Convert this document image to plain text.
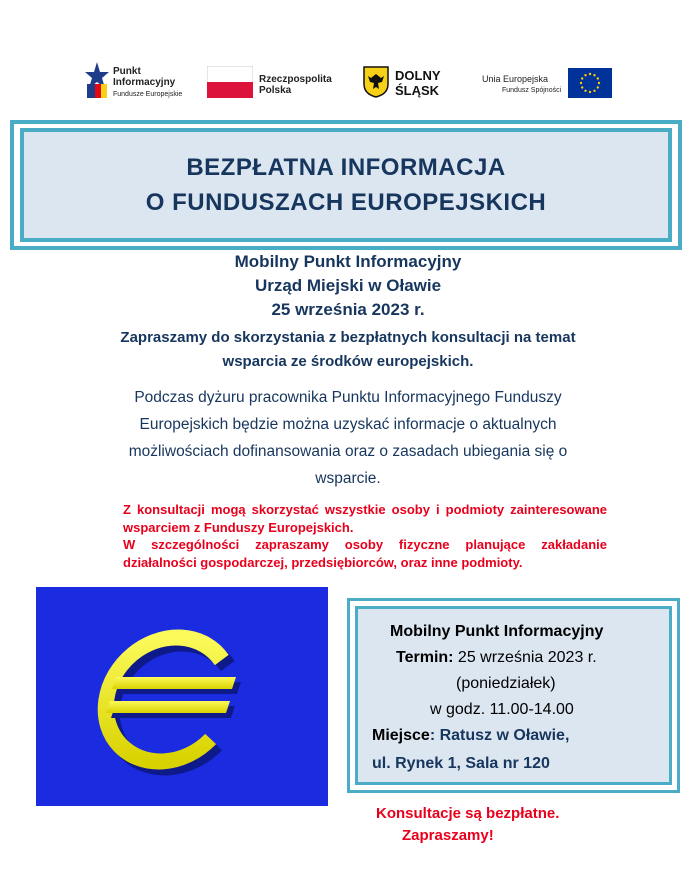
Punkt
Informacyjny
Fundusze Europejskie
Rzeczpospolita
Polska
DOLNY
ŚLĄSK
Unia Europejska
Fundusz Spójności
BEZPŁATNA INFORMACJA
O FUNDUSZACH EUROPEJSKICH
Mobilny Punkt Informacyjny
Urząd Miejski w Oławie
25 września 2023 r.
Zapraszamy do skorzystania z bezpłatnych konsultacji na temat
wsparcia ze środków europejskich.
Podczas dyżuru pracownika Punktu Informacyjnego Funduszy
Europejskich będzie można uzyskać informacje o aktualnych
możliwościach dofinansowania oraz o zasadach ubiegania się o
wsparcie.

Z konsultacji mogą skorzystać wszystkie osoby i podmioty zainteresowane wsparciem z Funduszy Europejskich.

W szczególności zapraszamy osoby fizyczne planujące zakładanie działalności gospodarczej, przedsiębiorców, oraz inne podmioty.

Mobilny Punkt Informacyjny
Termin: 25 września 2023 r.
(poniedziałek)
w godz. 11.00-14.00
Miejsce: Ratusz w Oławie,
ul. Rynek 1, Sala nr 120
Konsultacje są bezpłatne.
Zapraszamy!
